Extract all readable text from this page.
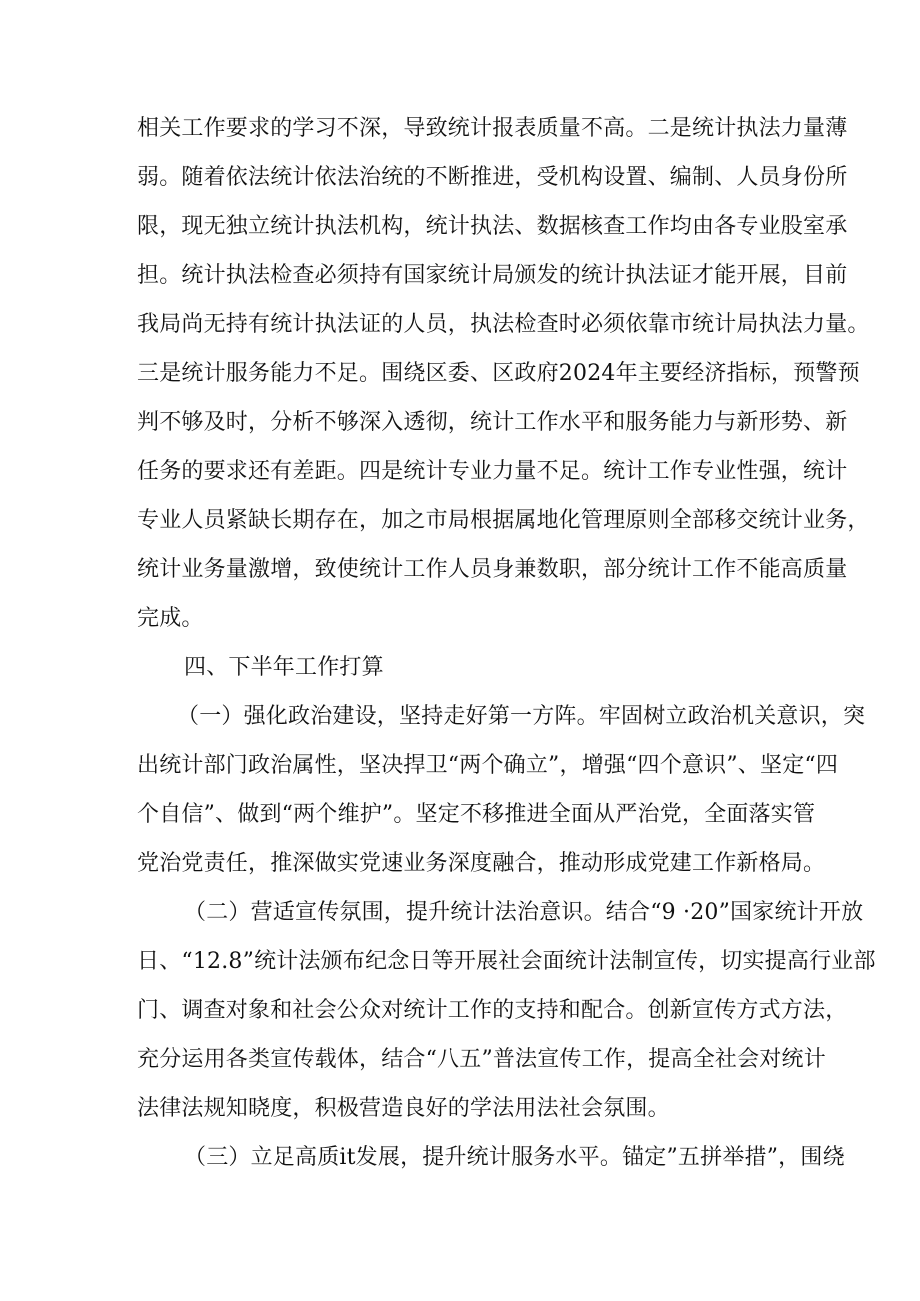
相关工作要求的学习不深，导致统计报表质量不高。二是统计执法力量薄
弱。随着依法统计依法治统的不断推进，受机构设置、编制、人员身份所
限，现无独立统计执法机构，统计执法、数据核查工作均由各专业股室承
担。统计执法检查必须持有国家统计局颁发的统计执法证才能开展，目前
我局尚无持有统计执法证的人员，执法检查时必须依靠市统计局执法力量。
三是统计服务能力不足。围绕区委、区政府2024年主要经济指标，预警预
判不够及时，分析不够深入透彻，统计工作水平和服务能力与新形势、新
任务的要求还有差距。四是统计专业力量不足。统计工作专业性强，统计
专业人员紧缺长期存在，加之市局根据属地化管理原则全部移交统计业务，
统计业务量激增，致使统计工作人员身兼数职，部分统计工作不能高质量
完成。
四、下半年工作打算
（一）强化政治建设，坚持走好第一方阵。牢固树立政治机关意识，突
出统计部门政治属性，坚决捍卫“两个确立”，增强“四个意识”、坚定“四
个自信”、做到“两个维护”。坚定不移推进全面从严治党，全面落实管
党治党责任，推深做实党速业务深度融合，推动形成党建工作新格局。
（二）营适宣传氛围，提升统计法治意识。结合“9 ·20”国家统计开放
日、“12.8”统计法颁布纪念日等开展社会面统计法制宣传，切实提高行业部
门、调查对象和社会公众对统计工作的支持和配合。创新宣传方式方法，
充分运用各类宣传载体，结合“八五”普法宣传工作，提高全社会对统计
法律法规知晓度，积极营造良好的学法用法社会氛围。
（三）立足高质it发展，提升统计服务水平。锚定”五拼举措”，围绕
